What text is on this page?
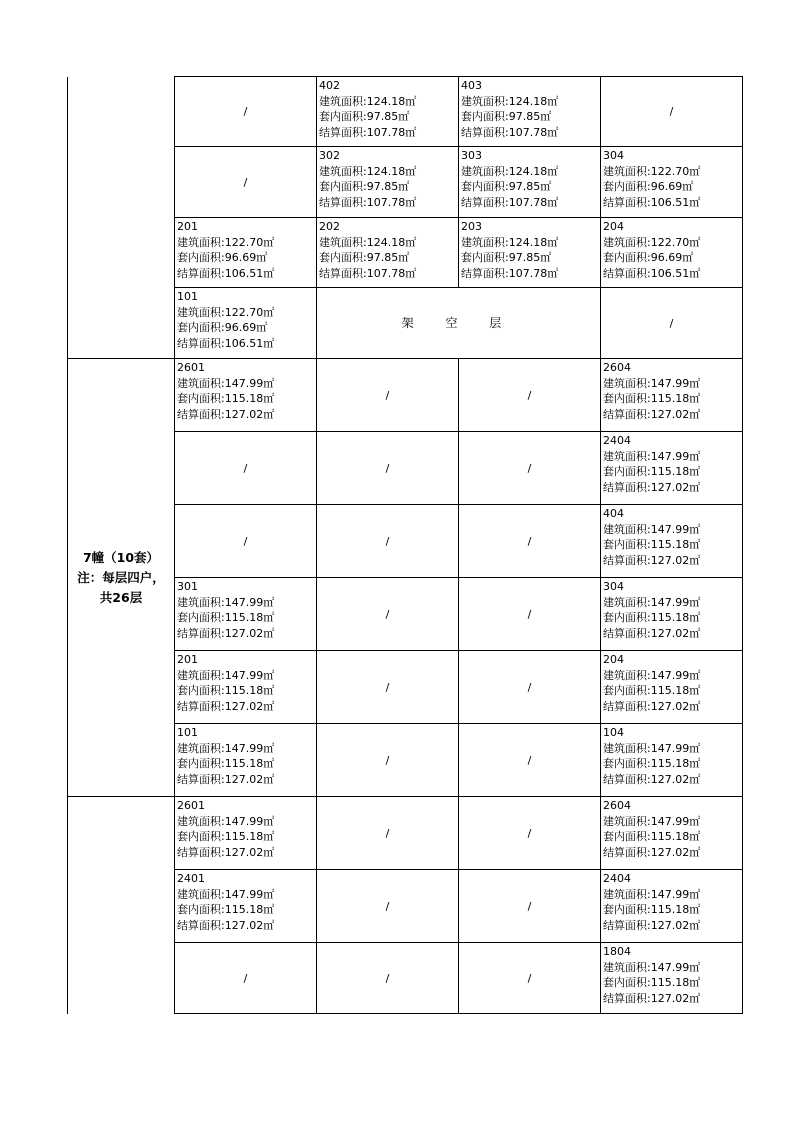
	/	402
建筑面积:124.18㎡
套内面积:97.85㎡
结算面积:107.78㎡	403
建筑面积:124.18㎡
套内面积:97.85㎡
结算面积:107.78㎡	/
	/	302
建筑面积:124.18㎡
套内面积:97.85㎡
结算面积:107.78㎡	303
建筑面积:124.18㎡
套内面积:97.85㎡
结算面积:107.78㎡	304
建筑面积:122.70㎡
套内面积:96.69㎡
结算面积:106.51㎡

	201
建筑面积:122.70㎡
套内面积:96.69㎡
结算面积:106.51㎡	202
建筑面积:124.18㎡
套内面积:97.85㎡
结算面积:107.78㎡	203
建筑面积:124.18㎡
套内面积:97.85㎡
结算面积:107.78㎡	204
建筑面积:122.70㎡
套内面积:96.69㎡
结算面积:106.51㎡

	101
建筑面积:122.70㎡
套内面积:96.69㎡
结算面积:106.51㎡	架 空 层		/

7幢（10套）
注：每层四户，
共26层	2601
建筑面积:147.99㎡
套内面积:115.18㎡
结算面积:127.02㎡	/	/	2604
建筑面积:147.99㎡
套内面积:115.18㎡
结算面积:127.02㎡

	/	/	/	2404
建筑面积:147.99㎡
套内面积:115.18㎡
结算面积:127.02㎡

	/	/	/	404
建筑面积:147.99㎡
套内面积:115.18㎡
结算面积:127.02㎡

	301
建筑面积:147.99㎡
套内面积:115.18㎡
结算面积:127.02㎡	/	/	304
建筑面积:147.99㎡
套内面积:115.18㎡
结算面积:127.02㎡

	201
建筑面积:147.99㎡
套内面积:115.18㎡
结算面积:127.02㎡	/	/	204
建筑面积:147.99㎡
套内面积:115.18㎡
结算面积:127.02㎡

	101
建筑面积:147.99㎡
套内面积:115.18㎡
结算面积:127.02㎡	/	/	104
建筑面积:147.99㎡
套内面积:115.18㎡
结算面积:127.02㎡

	2601
建筑面积:147.99㎡
套内面积:115.18㎡
结算面积:127.02㎡	/	/	2604
建筑面积:147.99㎡
套内面积:115.18㎡
结算面积:127.02㎡

	2401
建筑面积:147.99㎡
套内面积:115.18㎡
结算面积:127.02㎡	/	/	2404
建筑面积:147.99㎡
套内面积:115.18㎡
结算面积:127.02㎡

	/	/	/	1804
建筑面积:147.99㎡
套内面积:115.18㎡
结算面积:127.02㎡
